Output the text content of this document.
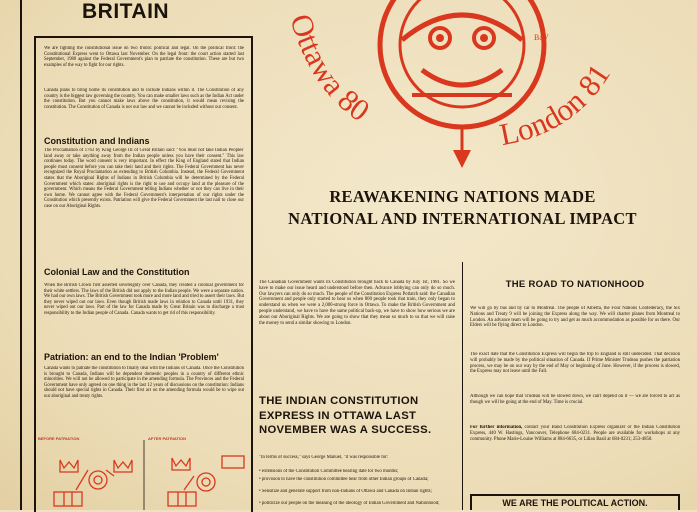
BRITAIN
We are fighting the constitutional issue on two fronts: political and legal. On the political front: the Constitutional Express went to Ottawa last November. On the legal front: the court action started last September, 1980 against the Federal Government's plan to patriate the constitution. These are but two examples of the way to fight for our rights.
Canada plans to bring home its constitution and to include Indians within it. The Constitution of any country is the biggest law governing the country. You can make smaller laws such as the Indian Act under the constitution. But you cannot make laws above the constitution, it would mean revising the constitution. The Constitution of Canada is not our law and we cannot be included without our consent.
Constitution and Indians
The Proclamation of 1763 by King George III of Great Britain said: "You must not take Indian Peoples' land away or take anything away from the Indian people unless you have their consent." This law continues today. The word consent is very important. In effect the King of England stated that Indian people must consent before you can take their land and their rights. The Federal Government has never recognized the Royal Proclamation as extending to British Columbia. Instead, the Federal Government states that the Aboriginal Rights of Indians in British Columbia will be determined by the Federal Government which states: aboriginal rights is the right to use and occupy land at the pleasure of the government. Which means the Federal Government telling Indians whether or not they can live in their own home. We cannot agree with the Federal Government's interpretation of our rights under the Constitution which presently exists. Patriation will give the Federal Government the last nail to close our case on our Aboriginal Rights.
Colonial Law and the Constitution
When the British Crown first asserted sovereignty over Canada, they created a colonial government for their white settlers. The laws of the British did not apply to the Indian people. We were a separate nation. We had our own laws. The British Government took more and more land and tried to assert their laws. But they never wiped out our laws. Even though British made laws in relation to Canada until 1931, they never wiped out our laws. Part of the law for Canada made by Great Britain was to discharge a trust responsibility to the Indian people of Canada. Canada wants to get rid of this responsibility.
Patriation: an end to the Indian 'Problem'
Canada wants to patriate the constitution to finally deal with the Indians of Canada. Once the Constitution is brought to Canada, Indians will be dependent domestic peoples in a country of different ethnic minorities. We will not be allowed to participate in the amending formula. The Provinces and the Federal Government have only agreed on one thing in the last 12 years of discussions on the constitution: Indians should not have special rights in Canada. Their first act on the amending formula would be to wipe out our aboriginal and treaty rights.
BEFORE PATRIATION	AFTER PATRIATION
Ottawa 80
London 81
BaV
REAWAKENING NATIONS MADE
NATIONAL AND INTERNATIONAL IMPACT
The Canadian Government wants its Constitution brought back to Canada by July 1st, 1981. So we have to make our issue heard and understood before then. Advance lobbying can only do so much. Our lawyers can only do so much. The people of the Constitution Express Potlatch said: the Canadian Government and people only started to hear us when 800 people took that train, they only began to understand us when we were a 2,000-strong force in Ottawa. To make the British Government and people understand, we have to have the same political back-up, we have to show how serious we are about our Aboriginal Rights. We are going to show that they mean so much to us that we will raise the money to send a similar showing to London.
THE INDIAN CONSTITUTION EXPRESS IN OTTAWA LAST NOVEMBER WAS A SUCCESS.
"In terms of success," says George Manuel, "it was responsible for:
• extensions of the Constitution Committee hearing date for two months;
• provision to have the constitution committee hear from other Indian groups of Canada;
• Sensitize and generate support from non-Indians of Ottawa and Canada on Indian rights;
• politicize our people on the meaning of the ideology of Indian Government and Nationhood;
THE ROAD TO NATIONHOOD
We will go by bus and by car to Montreal. The people of Alberta, the Four Nations Confederacy, the Six Nations and Treaty 9 will be joining the Express along the way. We will charter planes from Montreal to London. An advance team will be going to try and get as much accommodation as possible for us there. Our Elders will be flying direct to London.
The exact date that the Constitution Express will begin the trip to England is still undecided. That decision will probably be made by the political situation of Canada. If Prime Minister Trudeau pushes the patriation process, we may be on our way by the end of May or beginning of June. However, if the process is slowed, the Express may not leave until the Fall.
Although we can hope that Trudeau will be slowed down, we can't depend on it — we are forced to act as though we will be going at the end of May. Time is crucial.
For further information, contact your Band Constitution Express organizer or the Indian Constitution Express, 440 W. Hastings, Vancouver, Telephone 684-0231. People are available for workshops at any community. Phone Marie-Louise Williams at 884-6635, or Lilian Basil at 684-0231; 253-4850.
WE ARE THE POLITICAL ACTION.
